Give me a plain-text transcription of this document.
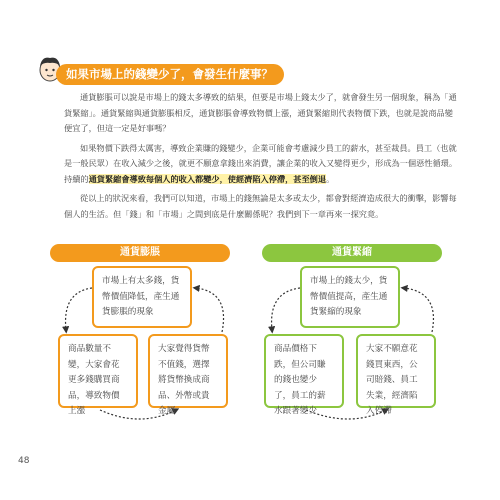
如果市場上的錢變少了，會發生什麼事？

通貨膨脹可以說是市場上的錢太多導致的結果，但要是市場上錢太少了，就會發生另一個現象，稱為「通貨緊縮」。通貨緊縮與通貨膨脹相反，通貨膨脹會導致物價上漲，通貨緊縮則代表物價下跌，也就是說商品變便宜了，但這一定是好事嗎？

如果物價下跌得太厲害，導致企業賺的錢變少，企業可能會考慮減少員工的薪水，甚至裁員。員工（也就是一般民眾）在收入減少之後，就更不願意拿錢出來消費，讓企業的收入又變得更少，形成為一個惡性循環。持續的通貨緊縮會導致每個人的收入都變少，使經濟陷入停滯，甚至倒退。

從以上的狀況來看，我們可以知道，市場上的錢無論是太多或太少，都會對經濟造成很大的衝擊，影響每個人的生活。但「錢」和「市場」之間到底是什麼關係呢？我們到下一章再來一探究竟。

通貨膨脹	通貨緊縮
市場上有太多錢，貨幣價值降低，產生通貨膨脹的現象
商品數量不變，大家會花更多錢購買商品，導致物價上漲
大家覺得貨幣不值錢，選擇將貨幣換成商品、外幣或貴金屬
市場上的錢太少，貨幣價值提高，產生通貨緊縮的現象
商品價格下跌，但公司賺的錢也變少了，員工的薪水跟著變少
大家不願意花錢買東西，公司賠錢、員工失業，經濟陷入停滯
48
